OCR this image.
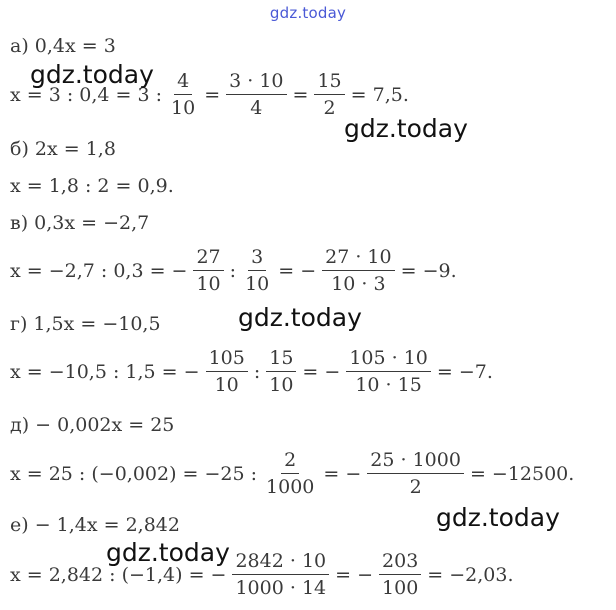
gdz.today
а) 0,4x = 3
x = 3 : 0,4 = 3 : $\frac{4}{10} = \frac{3 \cdot 10}{4} = \frac{15}{2} = 7,5$.
б) 2x = 1,8
x = 1,8 : 2 = 0,9.
в) 0,3x = −2,7
x = −2,7 : 0,3 = − $\frac{27}{10}$ : $\frac{3}{10}$ = − $\frac{27 \cdot 10}{10 \cdot 3} = -9$.
г) 1,5x = −10,5
x = −10,5 : 1,5 = − $\frac{105}{10}$ : $\frac{15}{10}$ = − $\frac{105 \cdot 10}{10 \cdot 15} = -7$.
д) − 0,002x = 25
x = 25 : (−0,002) = −25 : $\frac{2}{1000}$ = − $\frac{25 \cdot 1000}{2} = -12500$.
е) − 1,4x = 2,842
x = 2,842 : (−1,4) = − $\frac{2842 \cdot 10}{1000 \cdot 14}$ = − $\frac{203}{100} = -2,03$.
gdz.today
gdz.today
gdz.today
gdz.today
gdz.today
